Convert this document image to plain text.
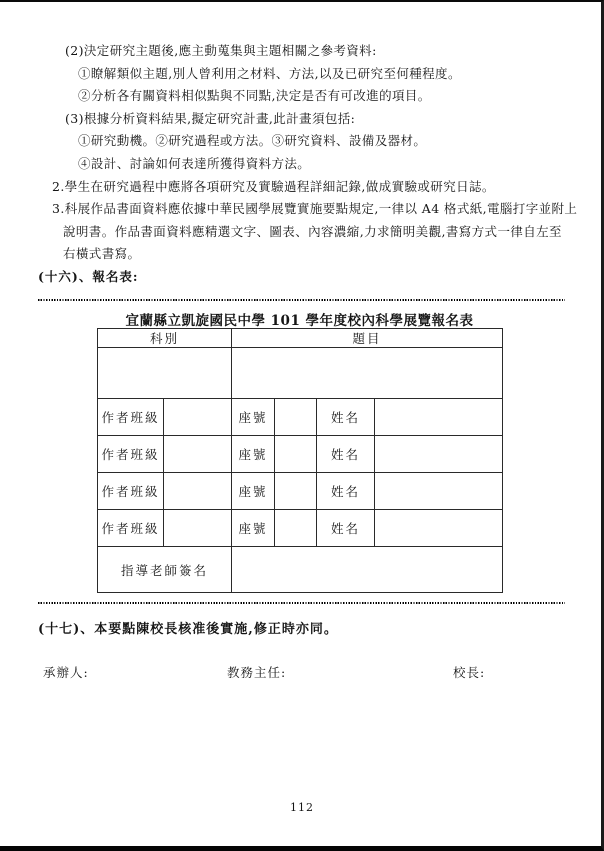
(2)決定研究主題後,應主動蒐集與主題相關之參考資料:
①瞭解類似主題,別人曾利用之材料、方法,以及已研究至何種程度。
②分析各有關資料相似點與不同點,決定是否有可改進的項目。
(3)根據分析資料結果,擬定研究計畫,此計畫須包括:
①研究動機。②研究過程或方法。③研究資料、設備及器材。
④設計、討論如何表達所獲得資料方法。
2.學生在研究過程中應將各項研究及實驗過程詳細記錄,做成實驗或研究日誌。
3.科展作品書面資料應依據中華民國學展覽實施要點規定,一律以 A4 格式紙,電腦打字並附上
說明書。作品書面資料應精選文字、圖表、內容濃縮,力求簡明美觀,書寫方式一律自左至
右橫式書寫。
(十六)、報名表:
宜蘭縣立凱旋國民中學 101 學年度校內科學展覽報名表
科別		題目			

作者班級		座號		姓名	
作者班級		座號		姓名	
作者班級		座號		姓名	
作者班級		座號		姓名	
指導老師簽名					
(十七)、本要點陳校長核准後實施,修正時亦同。
承辦人:	教務主任:	校長:
112
